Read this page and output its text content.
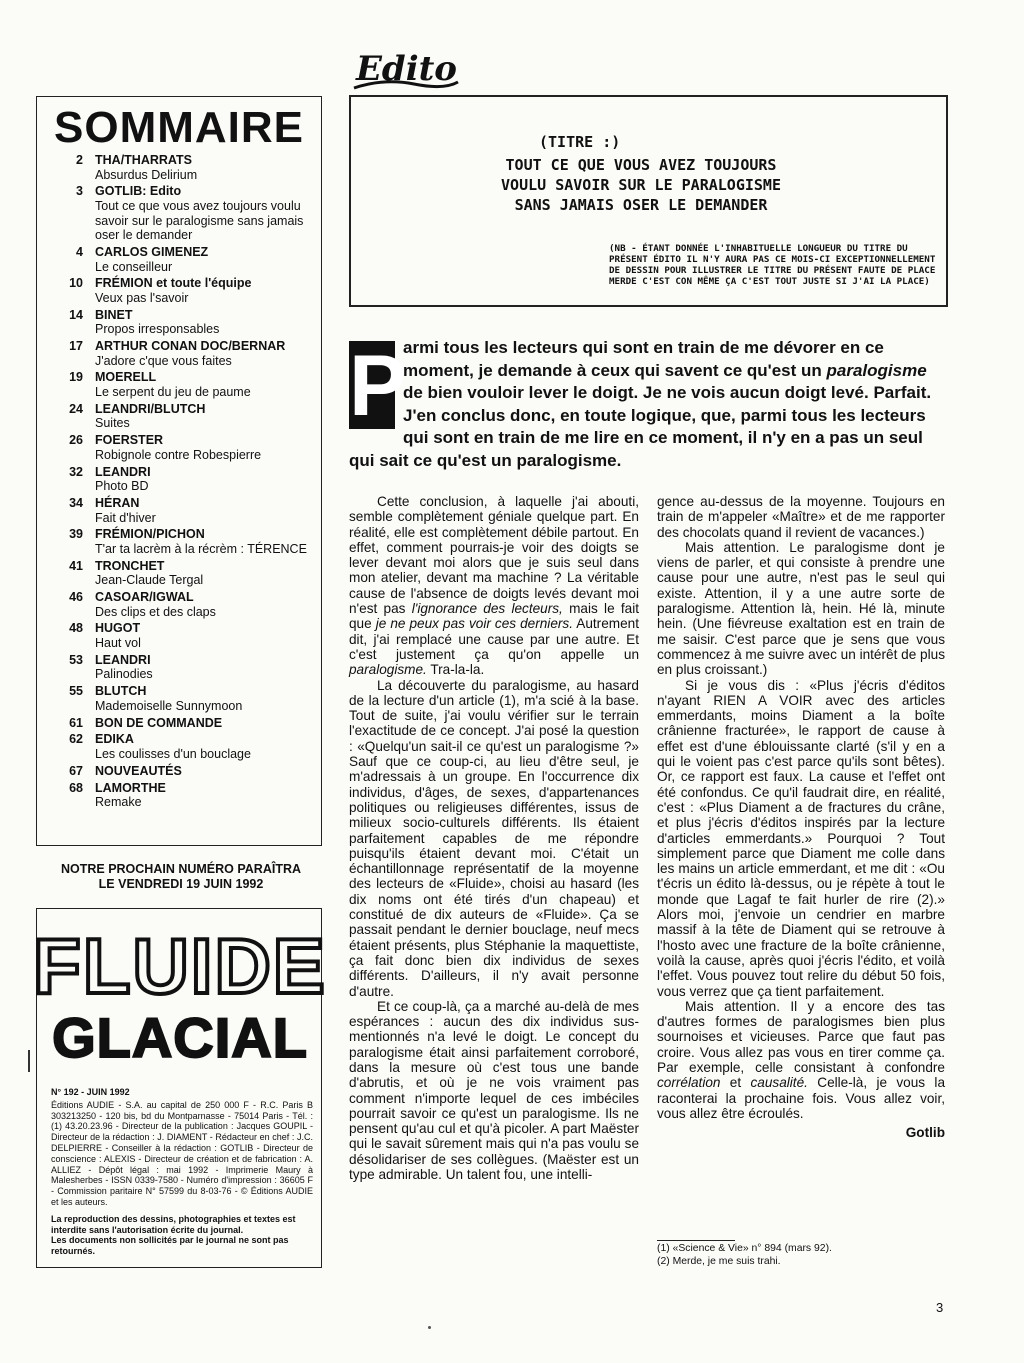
SOMMAIRE
2 THA/THARRATS
Absurdus Delirium
3 GOTLIB: Edito
Tout ce que vous avez toujours voulu savoir sur le paralogisme sans jamais oser le demander
4 CARLOS GIMENEZ
Le conseilleur
10 FRÉMION et toute l'équipe
Veux pas l'savoir
14 BINET
Propos irresponsables
17 ARTHUR CONAN DOC/BERNAR
J'adore c'que vous faites
19 MOERELL
Le serpent du jeu de paume
24 LEANDRI/BLUTCH
Suites
26 FOERSTER
Robignole contre Robespierre
32 LEANDRI
Photo BD
34 HÉRAN
Fait d'hiver
39 FRÉMION/PICHON
T'ar ta lacrèm à la récrèm : TÉRENCE
41 TRONCHET
Jean-Claude Tergal
46 CASOAR/IGWAL
Des clips et des claps
48 HUGOT
Haut vol
53 LEANDRI
Palinodies
55 BLUTCH
Mademoiselle Sunnymoon
61 BON DE COMMANDE
62 EDIKA
Les coulisses d'un bouclage
67 NOUVEAUTÉS
68 LAMORTHE
Remake
NOTRE PROCHAIN NUMÉRO PARAÎTRA
LE VENDREDI 19 JUIN 1992
FLUIDE
GLACIAL
N° 192 - JUIN 1992
Éditions AUDIE - S.A. au capital de 250 000 F - R.C. Paris B 303213250 - 120 bis, bd du Montparnasse - 75014 Paris - Tél. : (1) 43.20.23.96 - Directeur de la publication : Jacques GOUPIL - Directeur de la rédaction : J. DIAMENT - Rédacteur en chef : J.C. DELPIERRE - Conseiller à la rédaction : GOTLIB - Directeur de conscience : ALEXIS - Directeur de création et de fabrication : A. ALLIEZ - Dépôt légal : mai 1992 - Imprimerie Maury à Malesherbes - ISSN 0339-7580 - Numéro d'impression : 36605 F - Commission paritaire N° 57599 du 8-03-76 - © Éditions AUDIE et les auteurs.
La reproduction des dessins, photographies et textes est interdite sans l'autorisation écrite du journal.
Les documents non sollicités par le journal ne sont pas retournés.
Edito
(TITRE :)
TOUT CE QUE VOUS AVEZ TOUJOURS VOULU SAVOIR SUR LE PARALOGISME SANS JAMAIS OSER LE DEMANDER
(NB - ÉTANT DONNÉE L'INHABITUELLE LONGUEUR DU TITRE DU PRÉSENT ÉDITO IL N'Y AURA PAS CE MOIS-CI EXCEPTIONNELLEMENT DE DESSIN POUR ILLUSTRER LE TITRE DU PRÉSENT FAUTE DE PLACE MERDE C'EST CON MÊME ÇA C'EST TOUT JUSTE SI J'AI LA PLACE)
P
armi tous les lecteurs qui sont en train de me dévorer en ce moment, je demande à ceux qui savent ce qu'est un paralogisme de bien vouloir lever le doigt. Je ne vois aucun doigt levé. Parfait. J'en conclus donc, en toute logique, que, parmi tous les lecteurs qui sont en train de me lire en ce moment, il n'y en a pas un seul qui sait ce qu'est un paralogisme.

Cette conclusion, à laquelle j'ai abouti, semble complètement géniale quelque part. En réalité, elle est complètement débile partout. En effet, comment pourrais-je voir des doigts se lever devant moi alors que je suis seul dans mon atelier, devant ma machine ? La véritable cause de l'absence de doigts levés devant moi n'est pas l'ignorance des lecteurs, mais le fait que je ne peux pas voir ces derniers. Autrement dit, j'ai remplacé une cause par une autre. Et c'est justement ça qu'on appelle un paralogisme. Tra-la-la.

La découverte du paralogisme, au hasard de la lecture d'un article (1), m'a scié à la base. Tout de suite, j'ai voulu vérifier sur le terrain l'exactitude de ce concept. J'ai posé la question : «Quelqu'un sait-il ce qu'est un paralogisme ?» Sauf que ce coup-ci, au lieu d'être seul, je m'adressais à un groupe. En l'occurrence dix individus, d'âges, de sexes, d'appartenances politiques ou religieuses différentes, issus de milieux socio-culturels différents. Ils étaient parfaitement capables de me répondre puisqu'ils étaient devant moi. C'était un échantillonnage représentatif de la moyenne des lecteurs de «Fluide», choisi au hasard (les dix noms ont été tirés d'un chapeau) et constitué de dix auteurs de «Fluide». Ça se passait pendant le dernier bouclage, neuf mecs étaient présents, plus Stéphanie la maquettiste, ça fait donc bien dix individus de sexes différents. D'ailleurs, il n'y avait personne d'autre.

Et ce coup-là, ça a marché au-delà de mes espérances : aucun des dix individus sus-mentionnés n'a levé le doigt. Le concept du paralogisme était ainsi parfaitement corroboré, dans la mesure où c'est tous une bande d'abrutis, et où je ne vois vraiment pas comment n'importe lequel de ces imbéciles pourrait savoir ce qu'est un paralogisme. Ils ne pensent qu'au cul et qu'à picoler. A part Maëster qui le savait sûrement mais qui n'a pas voulu se désolidariser de ses collègues. (Maëster est un type admirable. Un talent fou, une intelli-

gence au-dessus de la moyenne. Toujours en train de m'appeler «Maître» et de me rapporter des chocolats quand il revient de vacances.)

Mais attention. Le paralogisme dont je viens de parler, et qui consiste à prendre une cause pour une autre, n'est pas le seul qui existe. Attention, il y a une autre sorte de paralogisme. Attention là, hein. Hé là, minute hein. (Une fiévreuse exaltation est en train de me saisir. C'est parce que je sens que vous commencez à me suivre avec un intérêt de plus en plus croissant.)

Si je vous dis : «Plus j'écris d'éditos n'ayant RIEN A VOIR avec des articles emmerdants, moins Diament a la boîte crânienne fracturée», le rapport de cause à effet est d'une éblouissante clarté (s'il y en a qui le voient pas c'est parce qu'ils sont bêtes). Or, ce rapport est faux. La cause et l'effet ont été confondus. Ce qu'il faudrait dire, en réalité, c'est : «Plus Diament a de fractures du crâne, et plus j'écris d'éditos inspirés par la lecture d'articles emmerdants.» Pourquoi ? Tout simplement parce que Diament me colle dans les mains un article emmerdant, et me dit : «Ou t'écris un édito là-dessus, ou je répète à tout le monde que Lagaf te fait hurler de rire (2).» Alors moi, j'envoie un cendrier en marbre massif à la tête de Diament qui se retrouve à l'hosto avec une fracture de la boîte crânienne, voilà la cause, après quoi j'écris l'édito, et voilà l'effet. Vous pouvez tout relire du début 50 fois, vous verrez que ça tient parfaitement.

Mais attention. Il y a encore des tas d'autres formes de paralogismes bien plus sournoises et vicieuses. Parce que faut pas croire. Vous allez pas vous en tirer comme ça. Par exemple, celle consistant à confondre corrélation et causalité. Celle-là, je vous la raconterai la prochaine fois. Vous allez voir, vous allez être écroulés.

Gotlib
(1) «Science & Vie» n° 894 (mars 92).
(2) Merde, je me suis trahi.
3
